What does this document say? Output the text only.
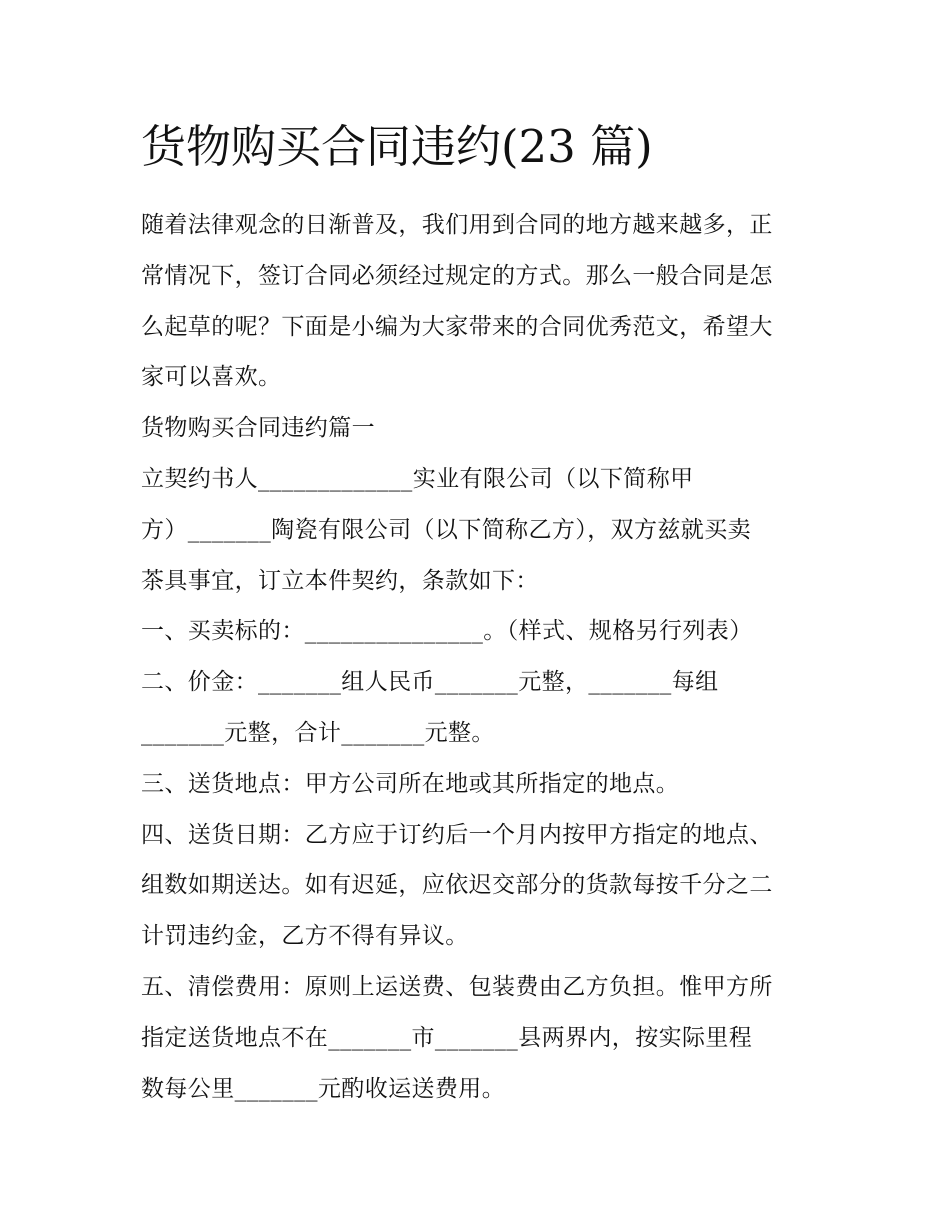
货物购买合同违约(23 篇)

随着法律观念的日渐普及，我们用到合同的地方越来越多，正

常情况下，签订合同必须经过规定的方式。那么一般合同是怎

么起草的呢？下面是小编为大家带来的合同优秀范文，希望大

家可以喜欢。

货物购买合同违约篇一

立契约书人_____________实业有限公司（以下简称甲

方）_______陶瓷有限公司（以下简称乙方），双方兹就买卖

茶具事宜，订立本件契约，条款如下：

一、买卖标的：_______________。（样式、规格另行列表）

二、价金：_______组人民币_______元整，_______每组

_______元整，合计_______元整。

三、送货地点：甲方公司所在地或其所指定的地点。

四、送货日期：乙方应于订约后一个月内按甲方指定的地点、

组数如期送达。如有迟延，应依迟交部分的货款每按千分之二

计罚违约金，乙方不得有异议。

五、清偿费用：原则上运送费、包装费由乙方负担。惟甲方所

指定送货地点不在_______市_______县两界内，按实际里程

数每公里_______元酌收运送费用。
